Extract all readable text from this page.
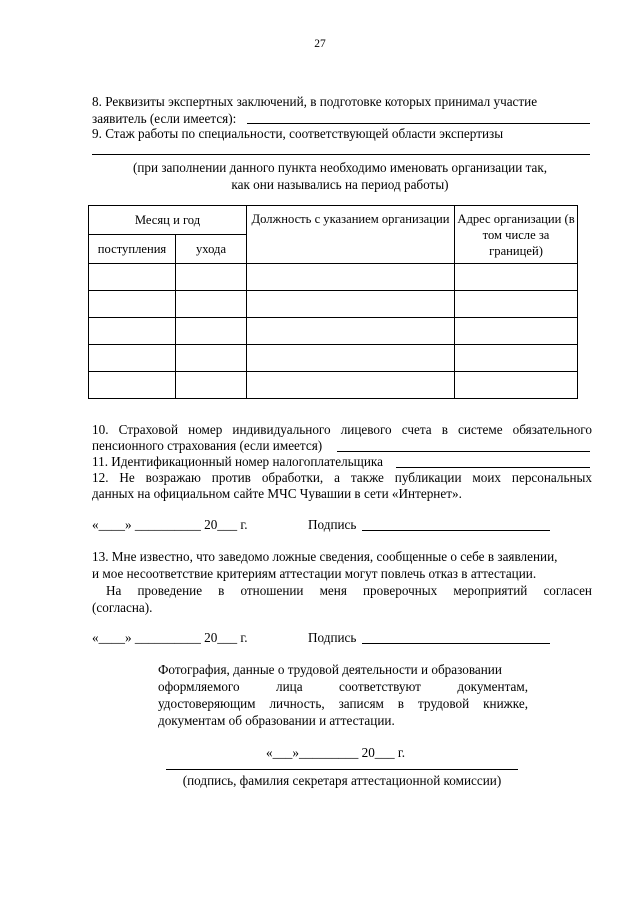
27
8. Реквизиты экспертных заключений, в подготовке которых принимал участие
заявитель (если имеется):
9. Стаж работы по специальности, соответствующей области экспертизы
(при заполнении данного пункта необходимо именовать организации так,
как они назывались на период работы)
Месяц и год		Должность с указанием организации	Адрес организации (в том числе за границей)
поступления	ухода		

10. Страховой номер индивидуального лицевого счета в системе обязательного
пенсионного страхования (если имеется)
11. Идентификационный номер налогоплательщика
12. Не возражаю против обработки, а также публикации моих персональных
данных на официальном сайте МЧС Чувашии в сети «Интернет».
«____» __________ 20___ г.	Подпись
13. Мне известно, что заведомо ложные сведения, сообщенные о себе в заявлении,
и мое несоответствие критериям аттестации могут повлечь отказ в аттестации.
На проведение в отношении меня проверочных мероприятий согласен
(согласна).
«____» __________ 20___ г.	Подпись
Фотография, данные о трудовой деятельности и образовании
оформляемого лица соответствуют документам,
удостоверяющим личность, записям в трудовой книжке,
документам об образовании и аттестации.
«___»_________ 20___ г.
(подпись, фамилия секретаря аттестационной комиссии)
